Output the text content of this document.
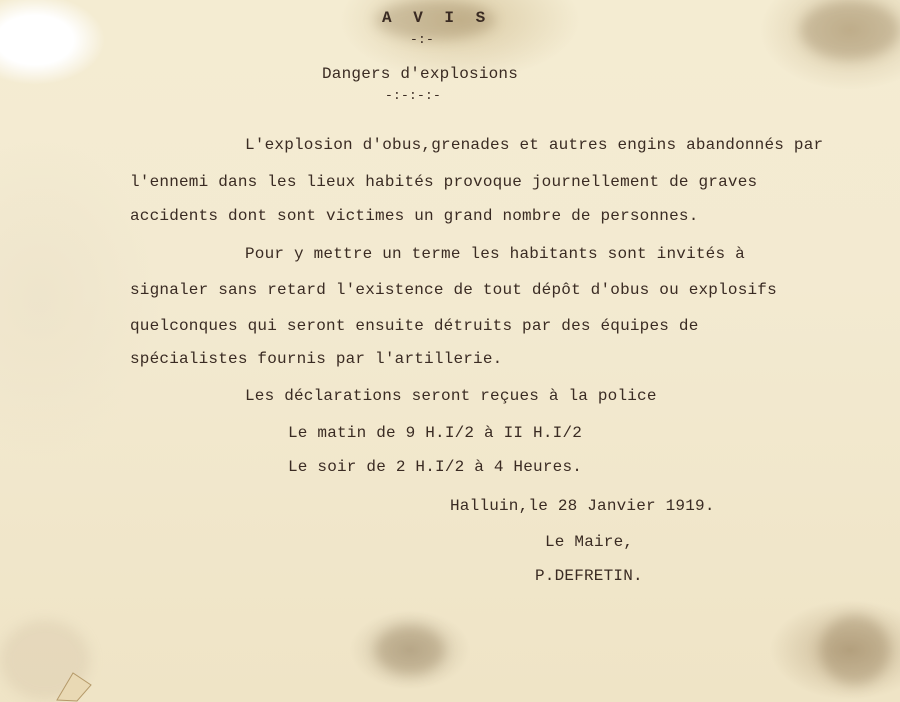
A V I S

-:-

Dangers d'explosions

-:-:-:-

L'explosion d'obus,grenades et autres engins abandonnés par

l'ennemi dans les lieux habités provoque journellement de graves

accidents dont sont victimes un grand nombre de personnes.

Pour y mettre un terme les habitants sont invités à

signaler sans retard l'existence de tout dépôt d'obus ou explosifs

quelconques qui seront ensuite détruits par des équipes de

spécialistes fournis par l'artillerie.

Les déclarations seront reçues à la police

Le matin de 9 H.I/2 à II H.I/2

Le soir de 2 H.I/2 à 4 Heures.

Halluin,le 28 Janvier 1919.

Le Maire,

P.DEFRETIN.
